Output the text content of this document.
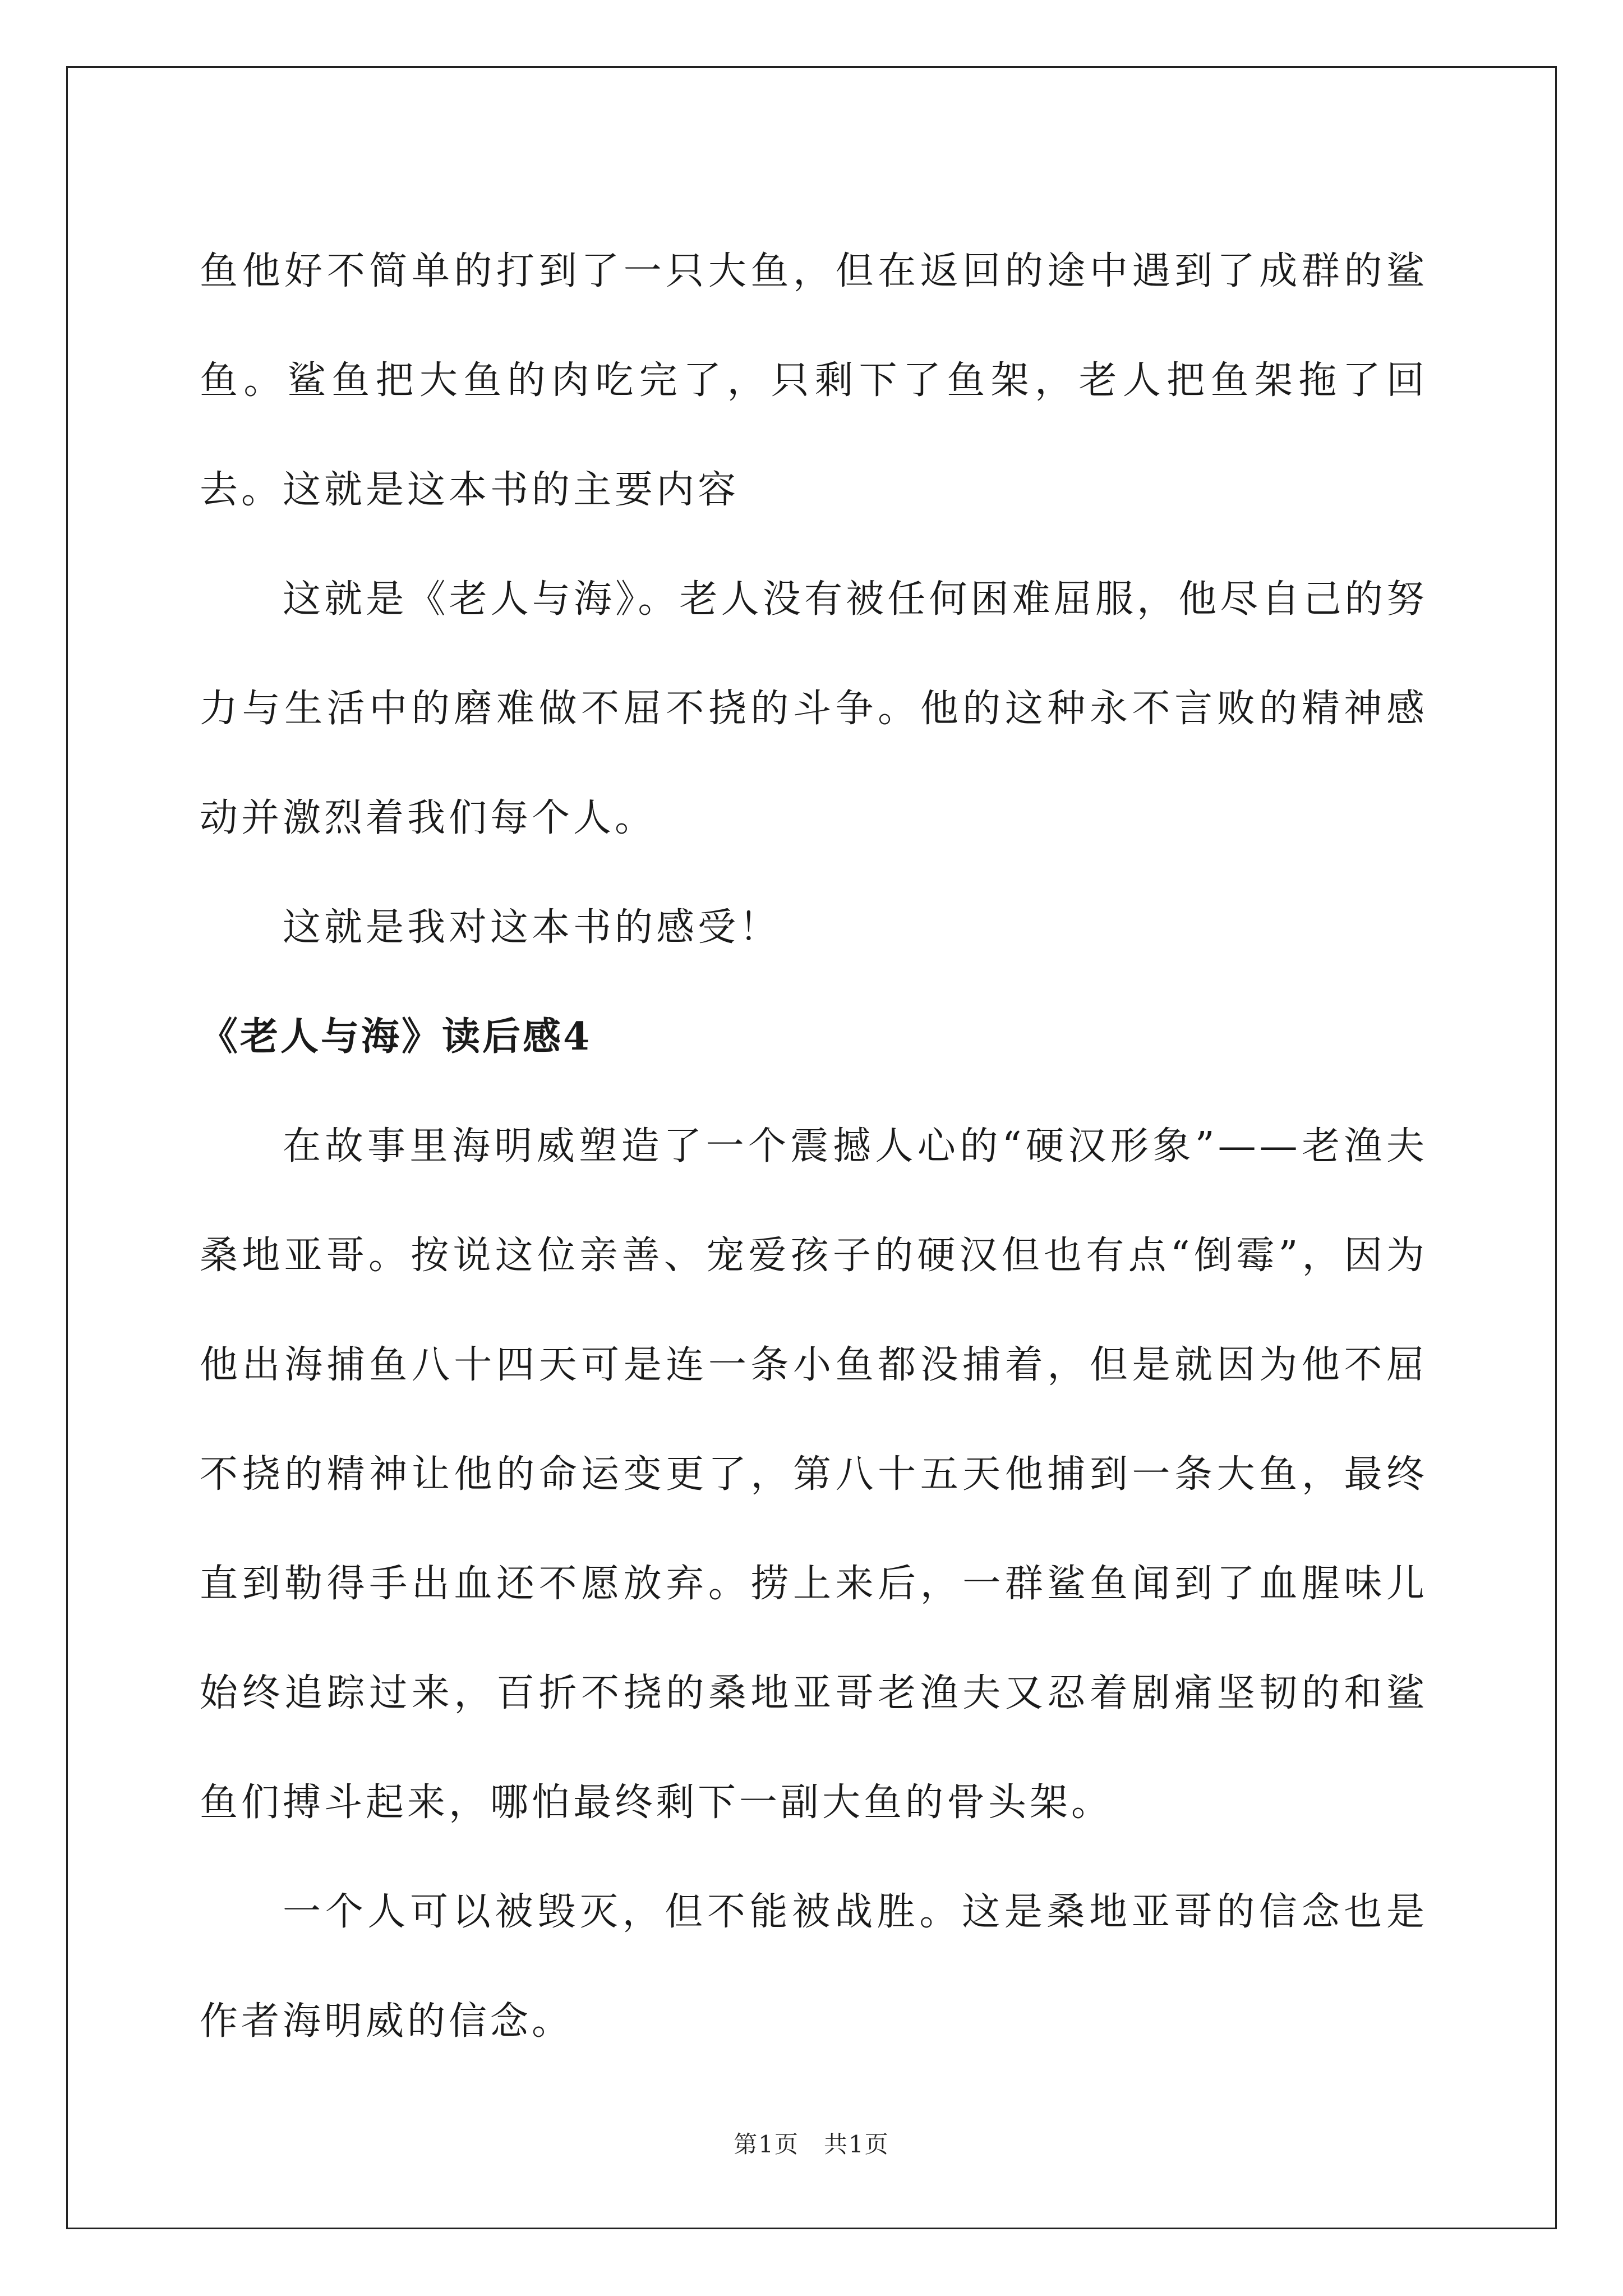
鱼他好不简单的打到了一只大鱼，但在返回的途中遇到了成群的鲨鱼。鲨鱼把大鱼的肉吃完了，只剩下了鱼架，老人把鱼架拖了回去。这就是这本书的主要内容

这就是《老人与海》。老人没有被任何困难屈服，他尽自己的努力与生活中的磨难做不屈不挠的斗争。他的这种永不言败的精神感动并激烈着我们每个人。

这就是我对这本书的感受！

《老人与海》读后感4

在故事里海明威塑造了一个震撼人心的“硬汉形象”——老渔夫桑地亚哥。按说这位亲善、宠爱孩子的硬汉但也有点“倒霉”，因为他出海捕鱼八十四天可是连一条小鱼都没捕着，但是就因为他不屈不挠的精神让他的命运变更了，第八十五天他捕到一条大鱼，最终直到勒得手出血还不愿放弃。捞上来后，一群鲨鱼闻到了血腥味儿始终追踪过来，百折不挠的桑地亚哥老渔夫又忍着剧痛坚韧的和鲨鱼们搏斗起来，哪怕最终剩下一副大鱼的骨头架。

一个人可以被毁灭，但不能被战胜。这是桑地亚哥的信念也是作者海明威的信念。

第1页　共1页
